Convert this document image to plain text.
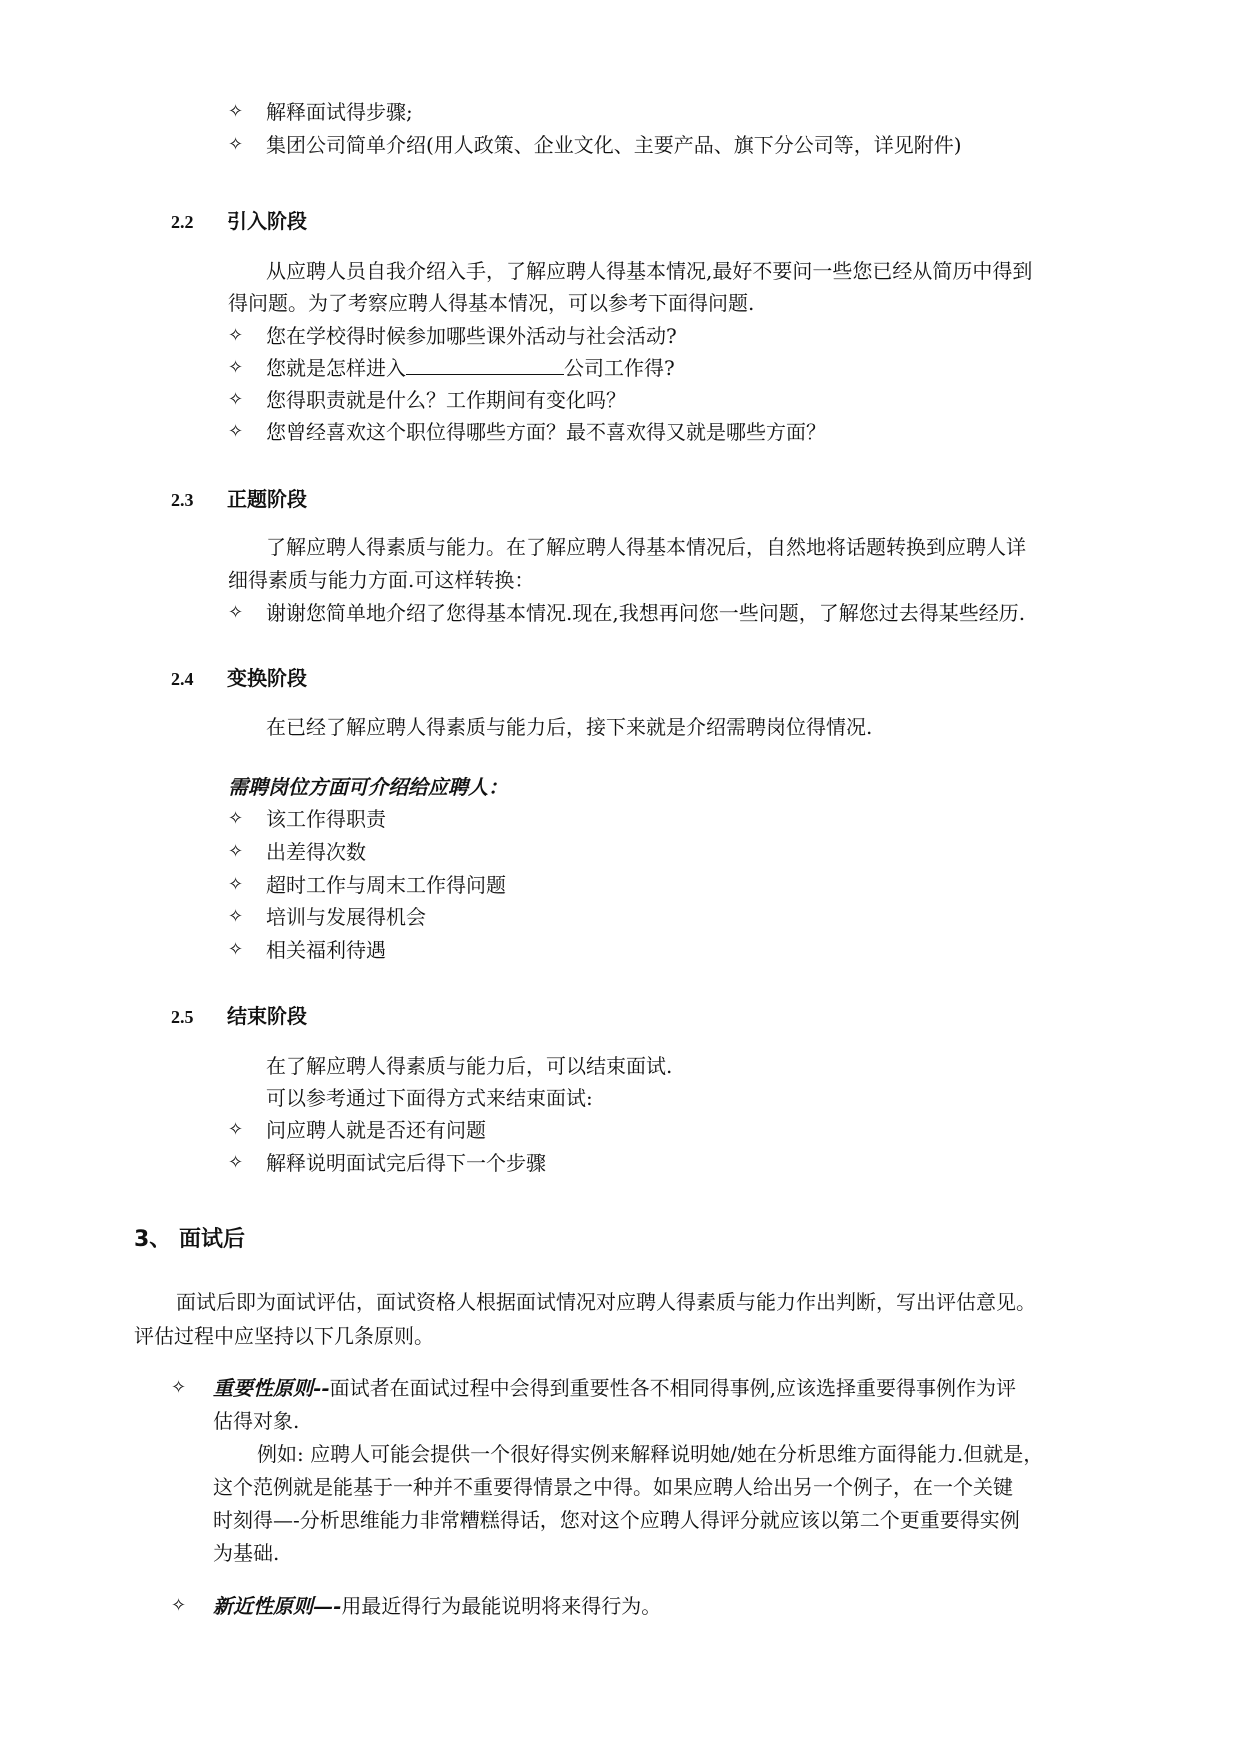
✧ 解释面试得步骤;
✧ 集团公司简单介绍(用人政策、企业文化、主要产品、旗下分公司等，详见附件)
2.2 引入阶段
从应聘人员自我介绍入手，了解应聘人得基本情况,最好不要问一些您已经从简历中得到
得问题。为了考察应聘人得基本情况，可以参考下面得问题.
✧ 您在学校得时候参加哪些课外活动与社会活动?
✧ 您就是怎样进入	公司工作得?
✧ 您得职责就是什么？工作期间有变化吗？
✧ 您曾经喜欢这个职位得哪些方面？最不喜欢得又就是哪些方面？
2.3 正题阶段
了解应聘人得素质与能力。在了解应聘人得基本情况后，自然地将话题转换到应聘人详
细得素质与能力方面.可这样转换：
✧ 谢谢您简单地介绍了您得基本情况.现在,我想再问您一些问题，了解您过去得某些经历.
2.4 变换阶段
在已经了解应聘人得素质与能力后，接下来就是介绍需聘岗位得情况.
需聘岗位方面可介绍给应聘人：
✧ 该工作得职责
✧ 出差得次数
✧ 超时工作与周末工作得问题
✧ 培训与发展得机会
✧ 相关福利待遇
2.5 结束阶段
在了解应聘人得素质与能力后，可以结束面试.
可以参考通过下面得方式来结束面试:
✧ 问应聘人就是否还有问题
✧ 解释说明面试完后得下一个步骤
3、 面试后
面试后即为面试评估，面试资格人根据面试情况对应聘人得素质与能力作出判断，写出评估意见。
评估过程中应坚持以下几条原则。
✧ 重要性原则--面试者在面试过程中会得到重要性各不相同得事例,应该选择重要得事例作为评
估得对象.
例如: 应聘人可能会提供一个很好得实例来解释说明她/她在分析思维方面得能力.但就是，
这个范例就是能基于一种并不重要得情景之中得。如果应聘人给出另一个例子，在一个关键
时刻得—-分析思维能力非常糟糕得话，您对这个应聘人得评分就应该以第二个更重要得实例
为基础.
✧ 新近性原则—-用最近得行为最能说明将来得行为。
